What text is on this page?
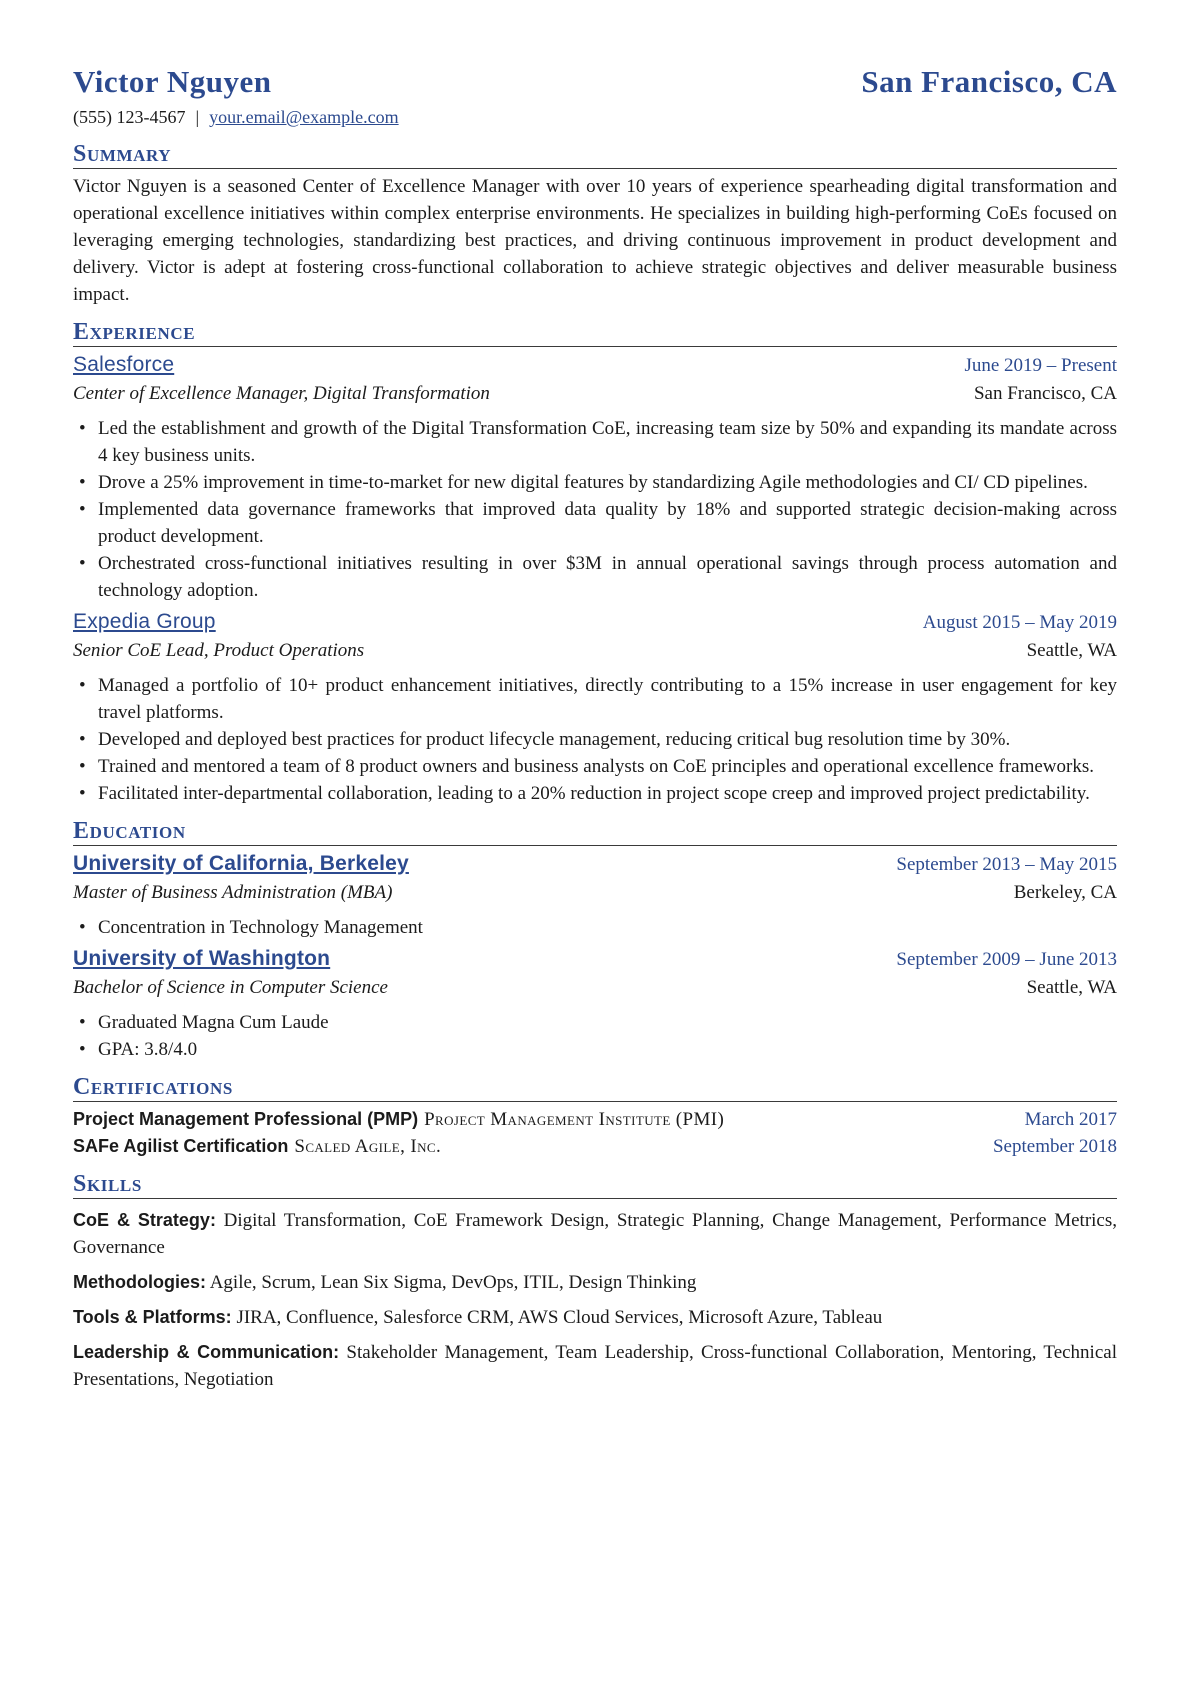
Victor Nguyen	San Francisco, CA
(555) 123-4567 | your.email@example.com
Summary
Victor Nguyen is a seasoned Center of Excellence Manager with over 10 years of experience spearheading digital transformation and operational excellence initiatives within complex enterprise environments. He specializes in building high-performing CoEs focused on leveraging emerging technologies, standardizing best practices, and driving continuous improvement in product development and delivery. Victor is adept at fostering cross-functional collaboration to achieve strategic objectives and deliver measurable business impact.
Experience
Salesforce	June 2019 – Present
Center of Excellence Manager, Digital Transformation	San Francisco, CA
• Led the establishment and growth of the Digital Transformation CoE, increasing team size by 50% and expanding its mandate across 4 key business units.
• Drove a 25% improvement in time-to-market for new digital features by standardizing Agile methodologies and CI/ CD pipelines.
• Implemented data governance frameworks that improved data quality by 18% and supported strategic decision-making across product development.
• Orchestrated cross-functional initiatives resulting in over $3M in annual operational savings through process automation and technology adoption.
Expedia Group	August 2015 – May 2019
Senior CoE Lead, Product Operations	Seattle, WA
• Managed a portfolio of 10+ product enhancement initiatives, directly contributing to a 15% increase in user engagement for key travel platforms.
• Developed and deployed best practices for product lifecycle management, reducing critical bug resolution time by 30%.
• Trained and mentored a team of 8 product owners and business analysts on CoE principles and operational excellence frameworks.
• Facilitated inter-departmental collaboration, leading to a 20% reduction in project scope creep and improved project predictability.
Education
University of California, Berkeley	September 2013 – May 2015
Master of Business Administration (MBA)	Berkeley, CA
• Concentration in Technology Management
University of Washington	September 2009 – June 2013
Bachelor of Science in Computer Science	Seattle, WA
• Graduated Magna Cum Laude
• GPA: 3.8/4.0
Certifications
Project Management Professional (PMP) Project Management Institute (PMI)	March 2017
SAFe Agilist Certification Scaled Agile, Inc.	September 2018
Skills
CoE & Strategy: Digital Transformation, CoE Framework Design, Strategic Planning, Change Management, Performance Metrics, Governance
Methodologies: Agile, Scrum, Lean Six Sigma, DevOps, ITIL, Design Thinking
Tools & Platforms: JIRA, Confluence, Salesforce CRM, AWS Cloud Services, Microsoft Azure, Tableau
Leadership & Communication: Stakeholder Management, Team Leadership, Cross-functional Collaboration, Mentoring, Technical Presentations, Negotiation
